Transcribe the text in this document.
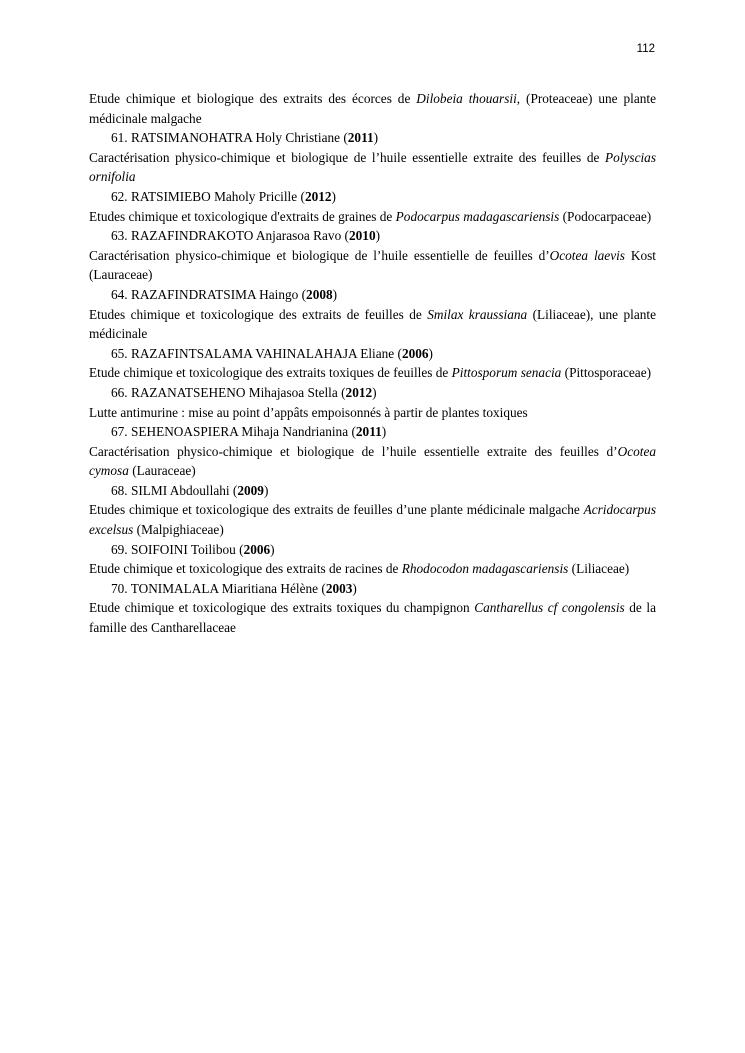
112

Etude chimique et biologique des extraits des écorces de Dilobeia thouarsii, (Proteaceae) une plante médicinale malgache

61. RATSIMANOHATRA Holy Christiane (2011)

Caractérisation physico-chimique et biologique de l’huile essentielle extraite des feuilles de Polyscias ornifolia

62. RATSIMIEBO Maholy Pricille (2012)

Etudes chimique et toxicologique d'extraits de graines de Podocarpus madagascariensis (Podocarpaceae)

63. RAZAFINDRAKOTO Anjarasoa Ravo (2010)

Caractérisation physico-chimique et biologique de l’huile essentielle de feuilles d’Ocotea laevis Kost (Lauraceae)

64. RAZAFINDRATSIMA Haingo (2008)

Etudes chimique et toxicologique des extraits de feuilles de Smilax kraussiana (Liliaceae), une plante médicinale

65. RAZAFINTSALAMA VAHINALAHAJA Eliane (2006)

Etude chimique et toxicologique des extraits toxiques de feuilles de Pittosporum senacia (Pittosporaceae)

66. RAZANATSEHENO Mihajasoa Stella (2012)

Lutte antimurine : mise au point d’appâts empoisonnés à partir de plantes toxiques

67. SEHENOASPIERA Mihaja Nandrianina (2011)

Caractérisation physico-chimique et biologique de l’huile essentielle extraite des feuilles d’Ocotea cymosa (Lauraceae)

68. SILMI Abdoullahi (2009)

Etudes chimique et toxicologique des extraits de feuilles d’une plante médicinale malgache Acridocarpus excelsus (Malpighiaceae)

69. SOIFOINI Toilibou (2006)

Etude chimique et toxicologique des extraits de racines de Rhodocodon madagascariensis (Liliaceae)

70. TONIMALALA Miaritiana Hélène (2003)

Etude chimique et toxicologique des extraits toxiques du champignon Cantharellus cf congolensis de la famille des Cantharellaceae
